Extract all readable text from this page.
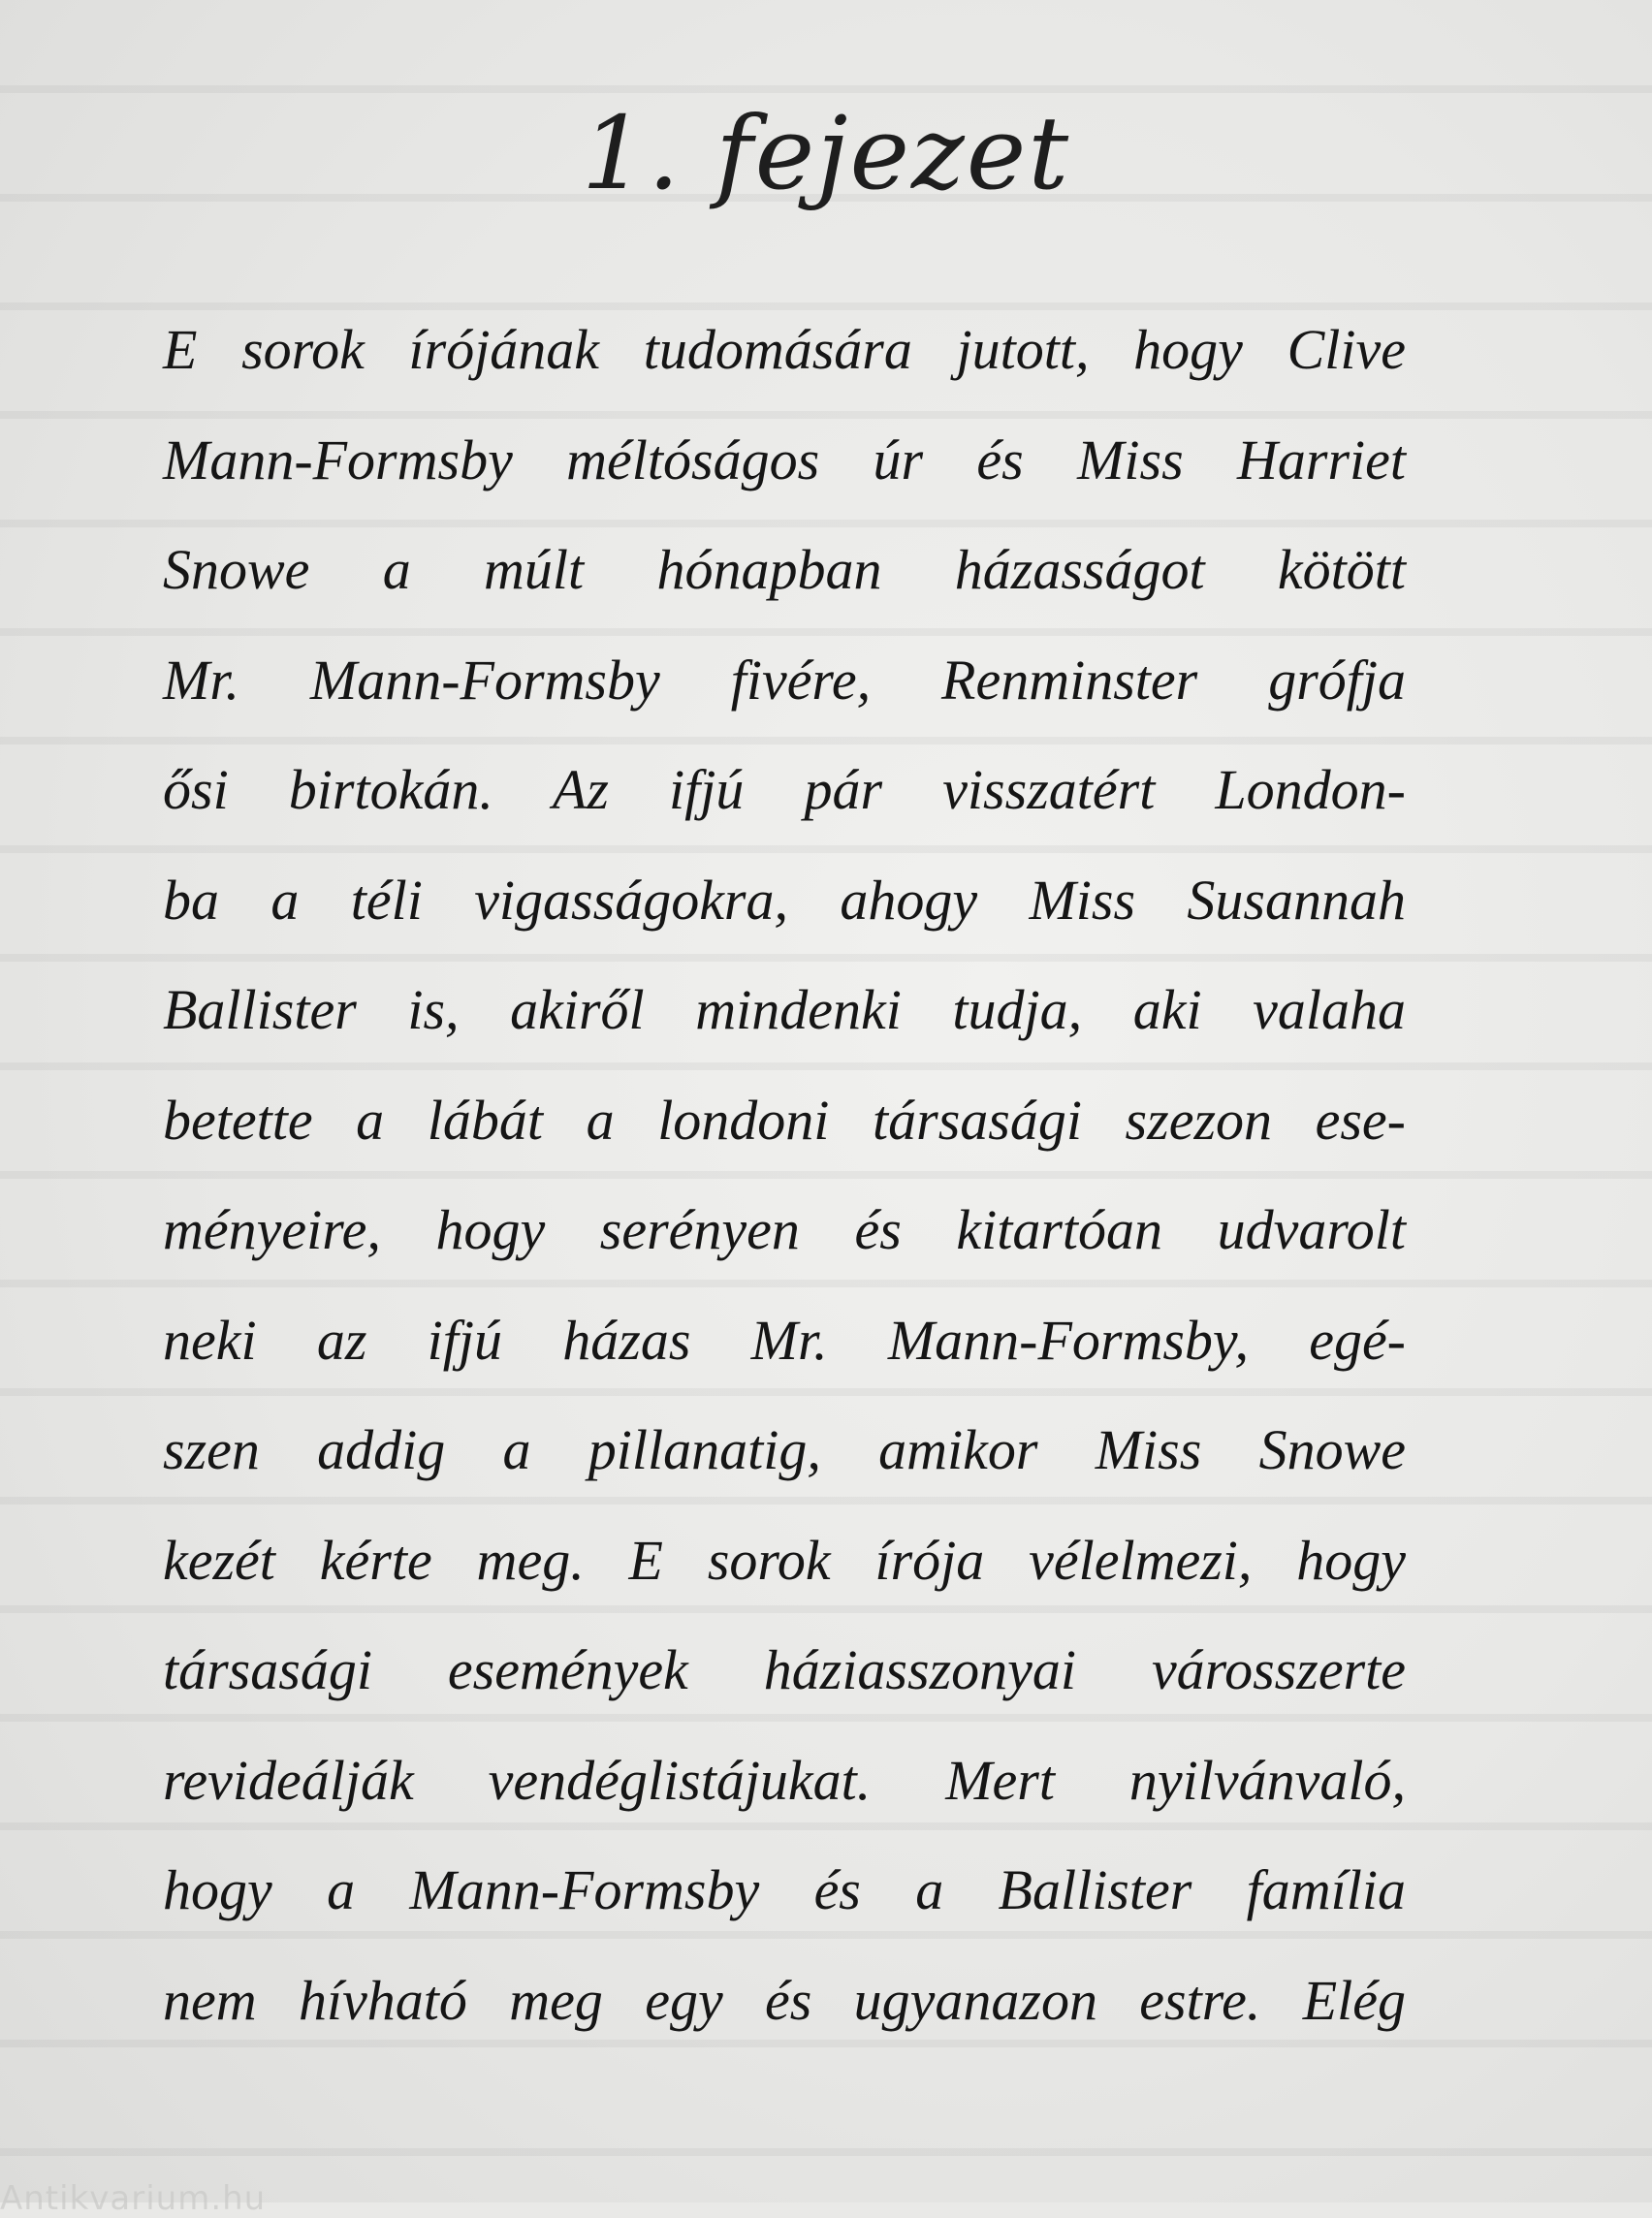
1. fejezet
E sorok írójának tudomására jutott, hogy Clive
Mann-Formsby méltóságos úr és Miss Harriet
Snowe a múlt hónapban házasságot kötött
Mr. Mann-Formsby fivére, Renminster grófja
ősi birtokán. Az ifjú pár visszatért London-
ba a téli vigasságokra, ahogy Miss Susannah
Ballister is, akiről mindenki tudja, aki valaha
betette a lábát a londoni társasági szezon ese-
ményeire, hogy serényen és kitartóan udvarolt
neki az ifjú házas Mr. Mann-Formsby, egé-
szen addig a pillanatig, amikor Miss Snowe
kezét kérte meg. E sorok írója vélelmezi, hogy
társasági események háziasszonyai városszerte
revideálják vendéglistájukat. Mert nyilvánvaló,
hogy a Mann-Formsby és a Ballister família
nem hívható meg egy és ugyanazon estre. Elég
Antikvarium.hu
